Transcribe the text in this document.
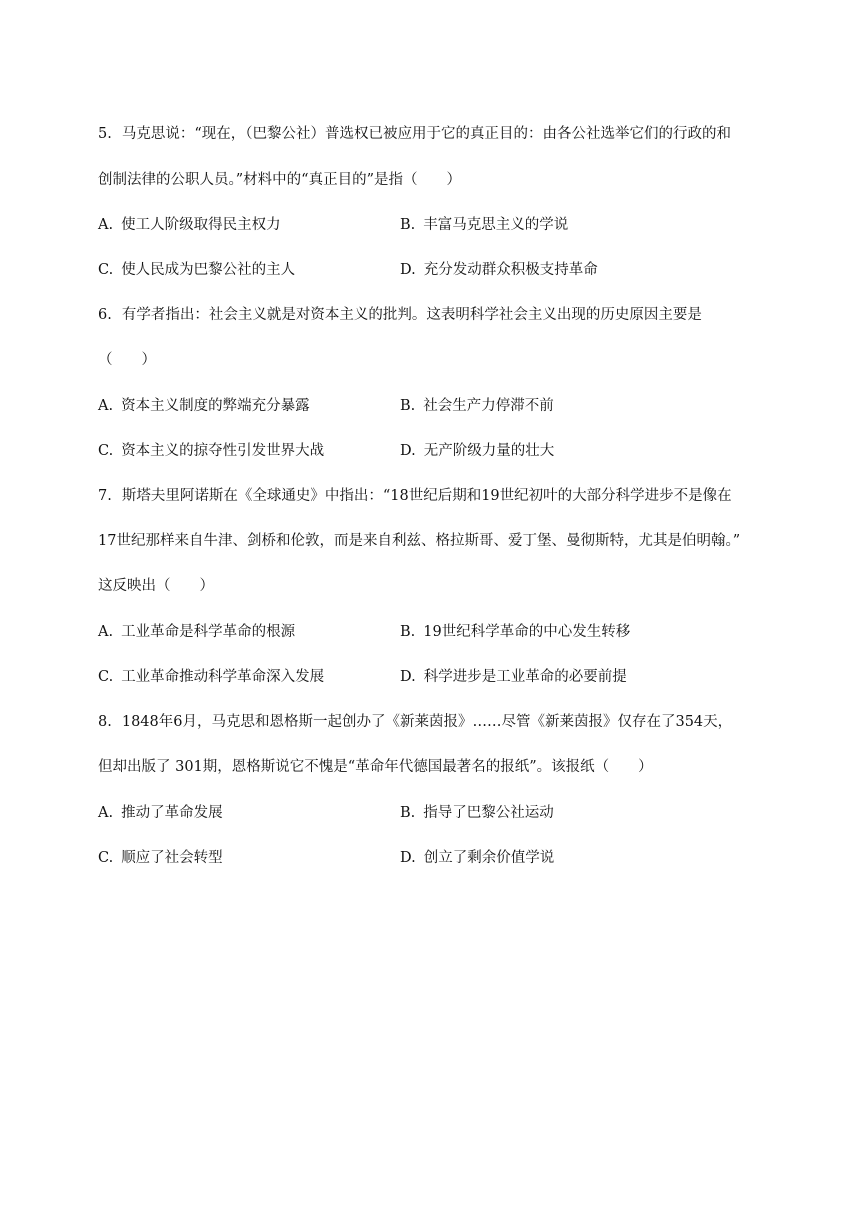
5. 马克思说：“现在，（巴黎公社）普选权已被应用于它的真正目的：由各公社选举它们的行政的和
创制法律的公职人员。”材料中的“真正目的”是指（　　）
A. 使工人阶级取得民主权力	B. 丰富马克思主义的学说
C. 使人民成为巴黎公社的主人	D. 充分发动群众积极支持革命
6. 有学者指出：社会主义就是对资本主义的批判。这表明科学社会主义出现的历史原因主要是
（　　）
A. 资本主义制度的弊端充分暴露	B. 社会生产力停滞不前
C. 资本主义的掠夺性引发世界大战	D. 无产阶级力量的壮大
7. 斯塔夫里阿诺斯在《全球通史》中指出：“18世纪后期和19世纪初叶的大部分科学进步不是像在
17世纪那样来自牛津、剑桥和伦敦，而是来自利兹、格拉斯哥、爱丁堡、曼彻斯特，尤其是伯明翰。”
这反映出（　　）
A. 工业革命是科学革命的根源	B. 19世纪科学革命的中心发生转移
C. 工业革命推动科学革命深入发展	D. 科学进步是工业革命的必要前提
8. 1848年6月，马克思和恩格斯一起创办了《新莱茵报》……尽管《新莱茵报》仅存在了354天，
但却出版了 301期，恩格斯说它不愧是“革命年代德国最著名的报纸”。该报纸（　　）
A. 推动了革命发展	B. 指导了巴黎公社运动
C. 顺应了社会转型	D. 创立了剩余价值学说
